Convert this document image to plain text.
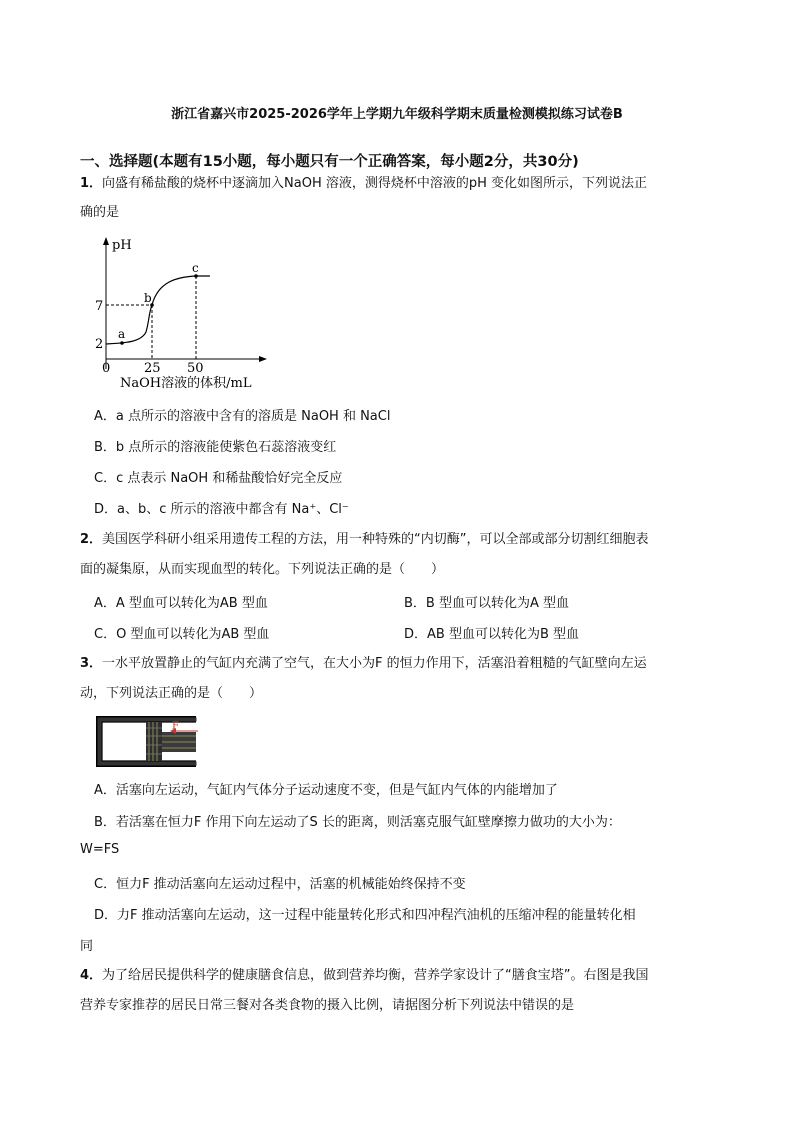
浙江省嘉兴市2025-2026学年上学期九年级科学期末质量检测模拟练习试卷B
一、选择题(本题有15小题，每小题只有一个正确答案，每小题2分，共30分)
1．向盛有稀盐酸的烧杯中逐滴加入NaOH 溶液，测得烧杯中溶液的pH 变化如图所示，下列说法正
确的是
pH
7
2
0	25 50
NaOH溶液的体积/mL
a
b
c
A．a 点所示的溶液中含有的溶质是 NaOH 和 NaCl
B．b 点所示的溶液能使紫色石蕊溶液变红
C．c 点表示 NaOH 和稀盐酸恰好完全反应
D．a、b、c 所示的溶液中都含有 Na⁺、Cl⁻
2．美国医学科研小组采用遗传工程的方法，用一种特殊的“内切酶”，可以全部或部分切割红细胞表
面的凝集原，从而实现血型的转化。下列说法正确的是（　　）
A．A 型血可以转化为AB 型血	B．B 型血可以转化为A 型血
C．O 型血可以转化为AB 型血	D．AB 型血可以转化为B 型血
3．一水平放置静止的气缸内充满了空气，在大小为F 的恒力作用下，活塞沿着粗糙的气缸壁向左运
动，下列说法正确的是（　　）
F
A．活塞向左运动，气缸内气体分子运动速度不变，但是气缸内气体的内能增加了
B．若活塞在恒力F 作用下向左运动了S 长的距离，则活塞克服气缸壁摩擦力做功的大小为：
W=FS
C．恒力F 推动活塞向左运动过程中，活塞的机械能始终保持不变
D．力F 推动活塞向左运动，这一过程中能量转化形式和四冲程汽油机的压缩冲程的能量转化相
同
4．为了给居民提供科学的健康膳食信息，做到营养均衡，营养学家设计了“膳食宝塔”。右图是我国
营养专家推荐的居民日常三餐对各类食物的摄入比例，请据图分析下列说法中错误的是
